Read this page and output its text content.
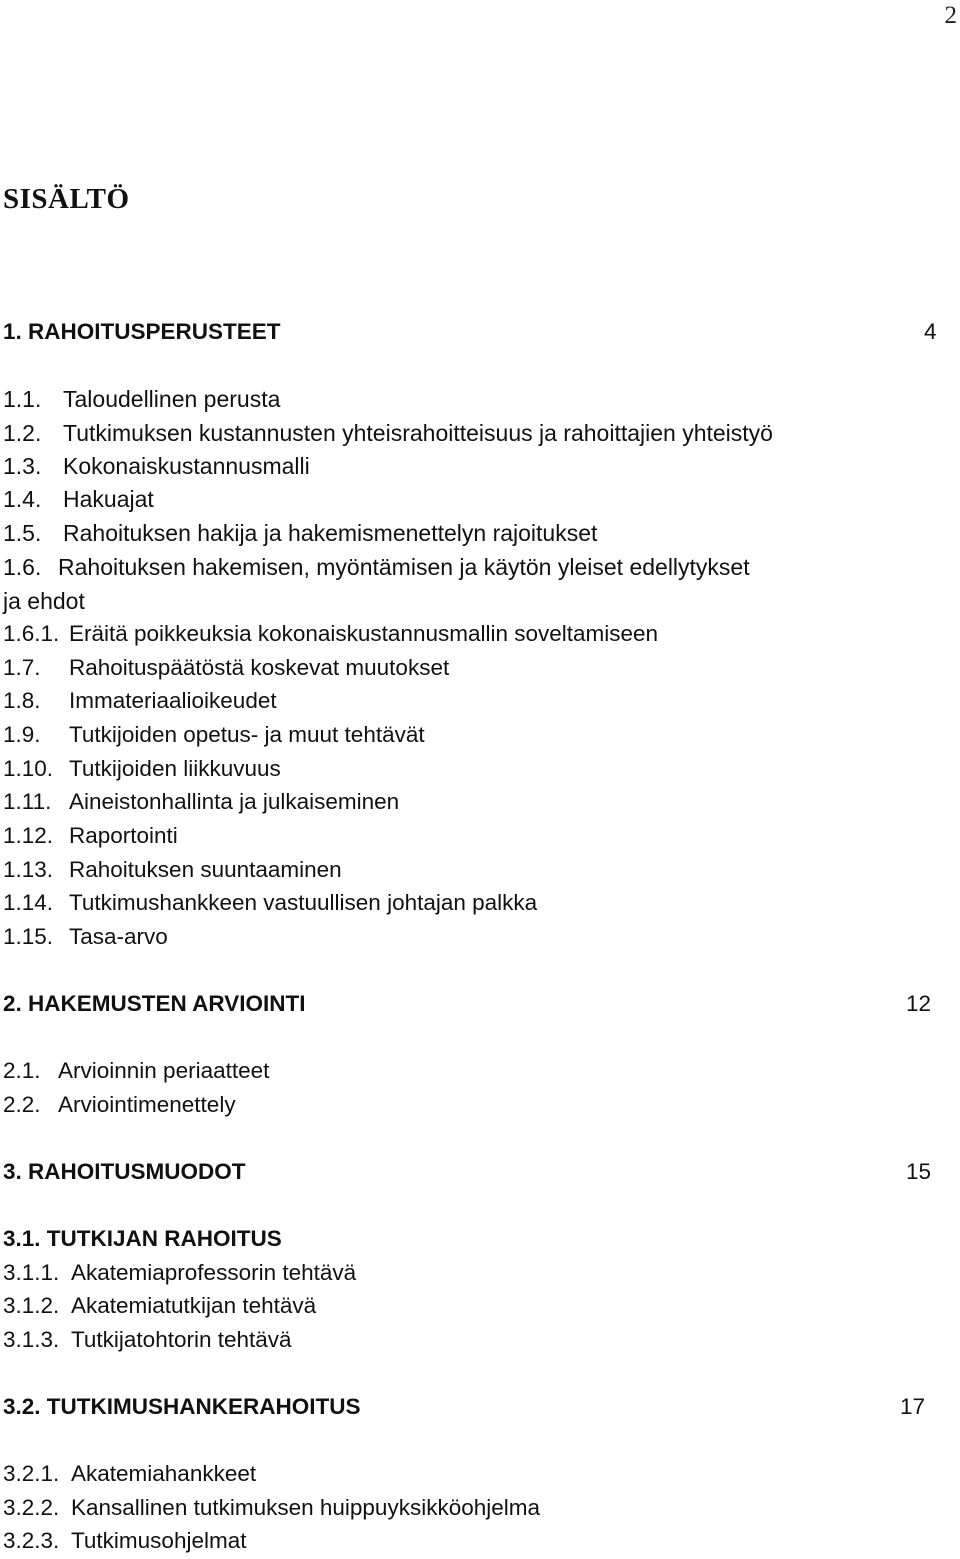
2
SISÄLTÖ
1. RAHOITUSPERUSTEET	4
1.1. Taloudellinen perusta
1.2. Tutkimuksen kustannusten yhteisrahoitteisuus ja rahoittajien yhteistyö
1.3. Kokonaiskustannusmalli
1.4. Hakuajat
1.5. Rahoituksen hakija ja hakemismenettelyn rajoitukset
1.6. Rahoituksen hakemisen, myöntämisen ja käytön yleiset edellytykset
ja ehdot
1.6.1. Eräitä poikkeuksia kokonaiskustannusmallin soveltamiseen
1.7. Rahoituspäätöstä koskevat muutokset
1.8. Immateriaalioikeudet
1.9. Tutkijoiden opetus- ja muut tehtävät
1.10. Tutkijoiden liikkuvuus
1.11. Aineistonhallinta ja julkaiseminen
1.12. Raportointi
1.13. Rahoituksen suuntaaminen
1.14. Tutkimushankkeen vastuullisen johtajan palkka
1.15. Tasa-arvo
2. HAKEMUSTEN ARVIOINTI	12
2.1. Arvioinnin periaatteet
2.2. Arviointimenettely
3. RAHOITUSMUODOT	15
3.1. TUTKIJAN RAHOITUS
3.1.1. Akatemiaprofessorin tehtävä
3.1.2. Akatemiatutkijan tehtävä
3.1.3. Tutkijatohtorin tehtävä
3.2. TUTKIMUSHANKERAHOITUS	17
3.2.1. Akatemiahankkeet
3.2.2. Kansallinen tutkimuksen huippuyksikköohjelma
3.2.3. Tutkimusohjelmat
